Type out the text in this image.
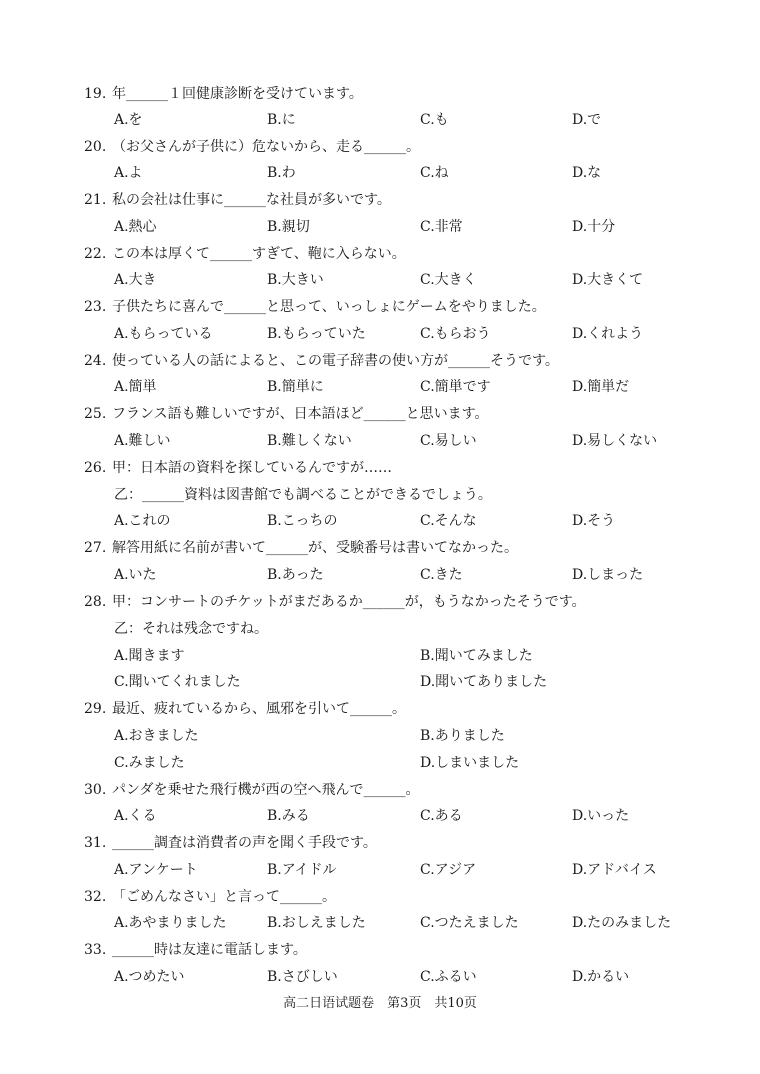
19. 年______１回健康診断を受けています。
A.を	B.に	C.も	D.で
20. （お父さんが子供に）危ないから、走る______。
A.よ	B.わ	C.ね	D.な
21. 私の会社は仕事に______な社員が多いです。
A.熱心	B.親切	C.非常	D.十分
22. この本は厚くて______すぎて、鞄に入らない。
A.大き	B.大きい	C.大きく	D.大きくて
23. 子供たちに喜んで______と思って、いっしょにゲームをやりました。
A.もらっている	B.もらっていた	C.もらおう	D.くれよう
24. 使っている人の話によると、この電子辞書の使い方が______そうです。
A.簡単	B.簡単に	C.簡単です	D.簡単だ
25. フランス語も難しいですが、日本語ほど______と思います。
A.難しい	B.難しくない	C.易しい	D.易しくない
26. 甲：日本語の資料を探しているんですが……
乙：______資料は図書館でも調べることができるでしょう。
A.これの	B.こっちの	C.そんな	D.そう
27. 解答用紙に名前が書いて______が、受験番号は書いてなかった。
A.いた	B.あった	C.きた	D.しまった
28. 甲：コンサートのチケットがまだあるか______が，もうなかったそうです。
乙：それは残念ですね。
A.聞きます	B.聞いてみました
C.聞いてくれました	D.聞いてありました
29. 最近、疲れているから、風邪を引いて______。
A.おきました	B.ありました
C.みました	D.しまいました
30. パンダを乗せた飛行機が西の空へ飛んで______。
A.くる	B.みる	C.ある	D.いった
31. ______調査は消費者の声を聞く手段です。
A.アンケート	B.アイドル	C.アジア	D.アドバイス
32. 「ごめんなさい」と言って______。
A.あやまりました	B.おしえました	C.つたえました	D.たのみました
33. ______時は友達に電話します。
A.つめたい	B.さびしい	C.ふるい	D.かるい
高二日语试题卷　第3页　共10页
